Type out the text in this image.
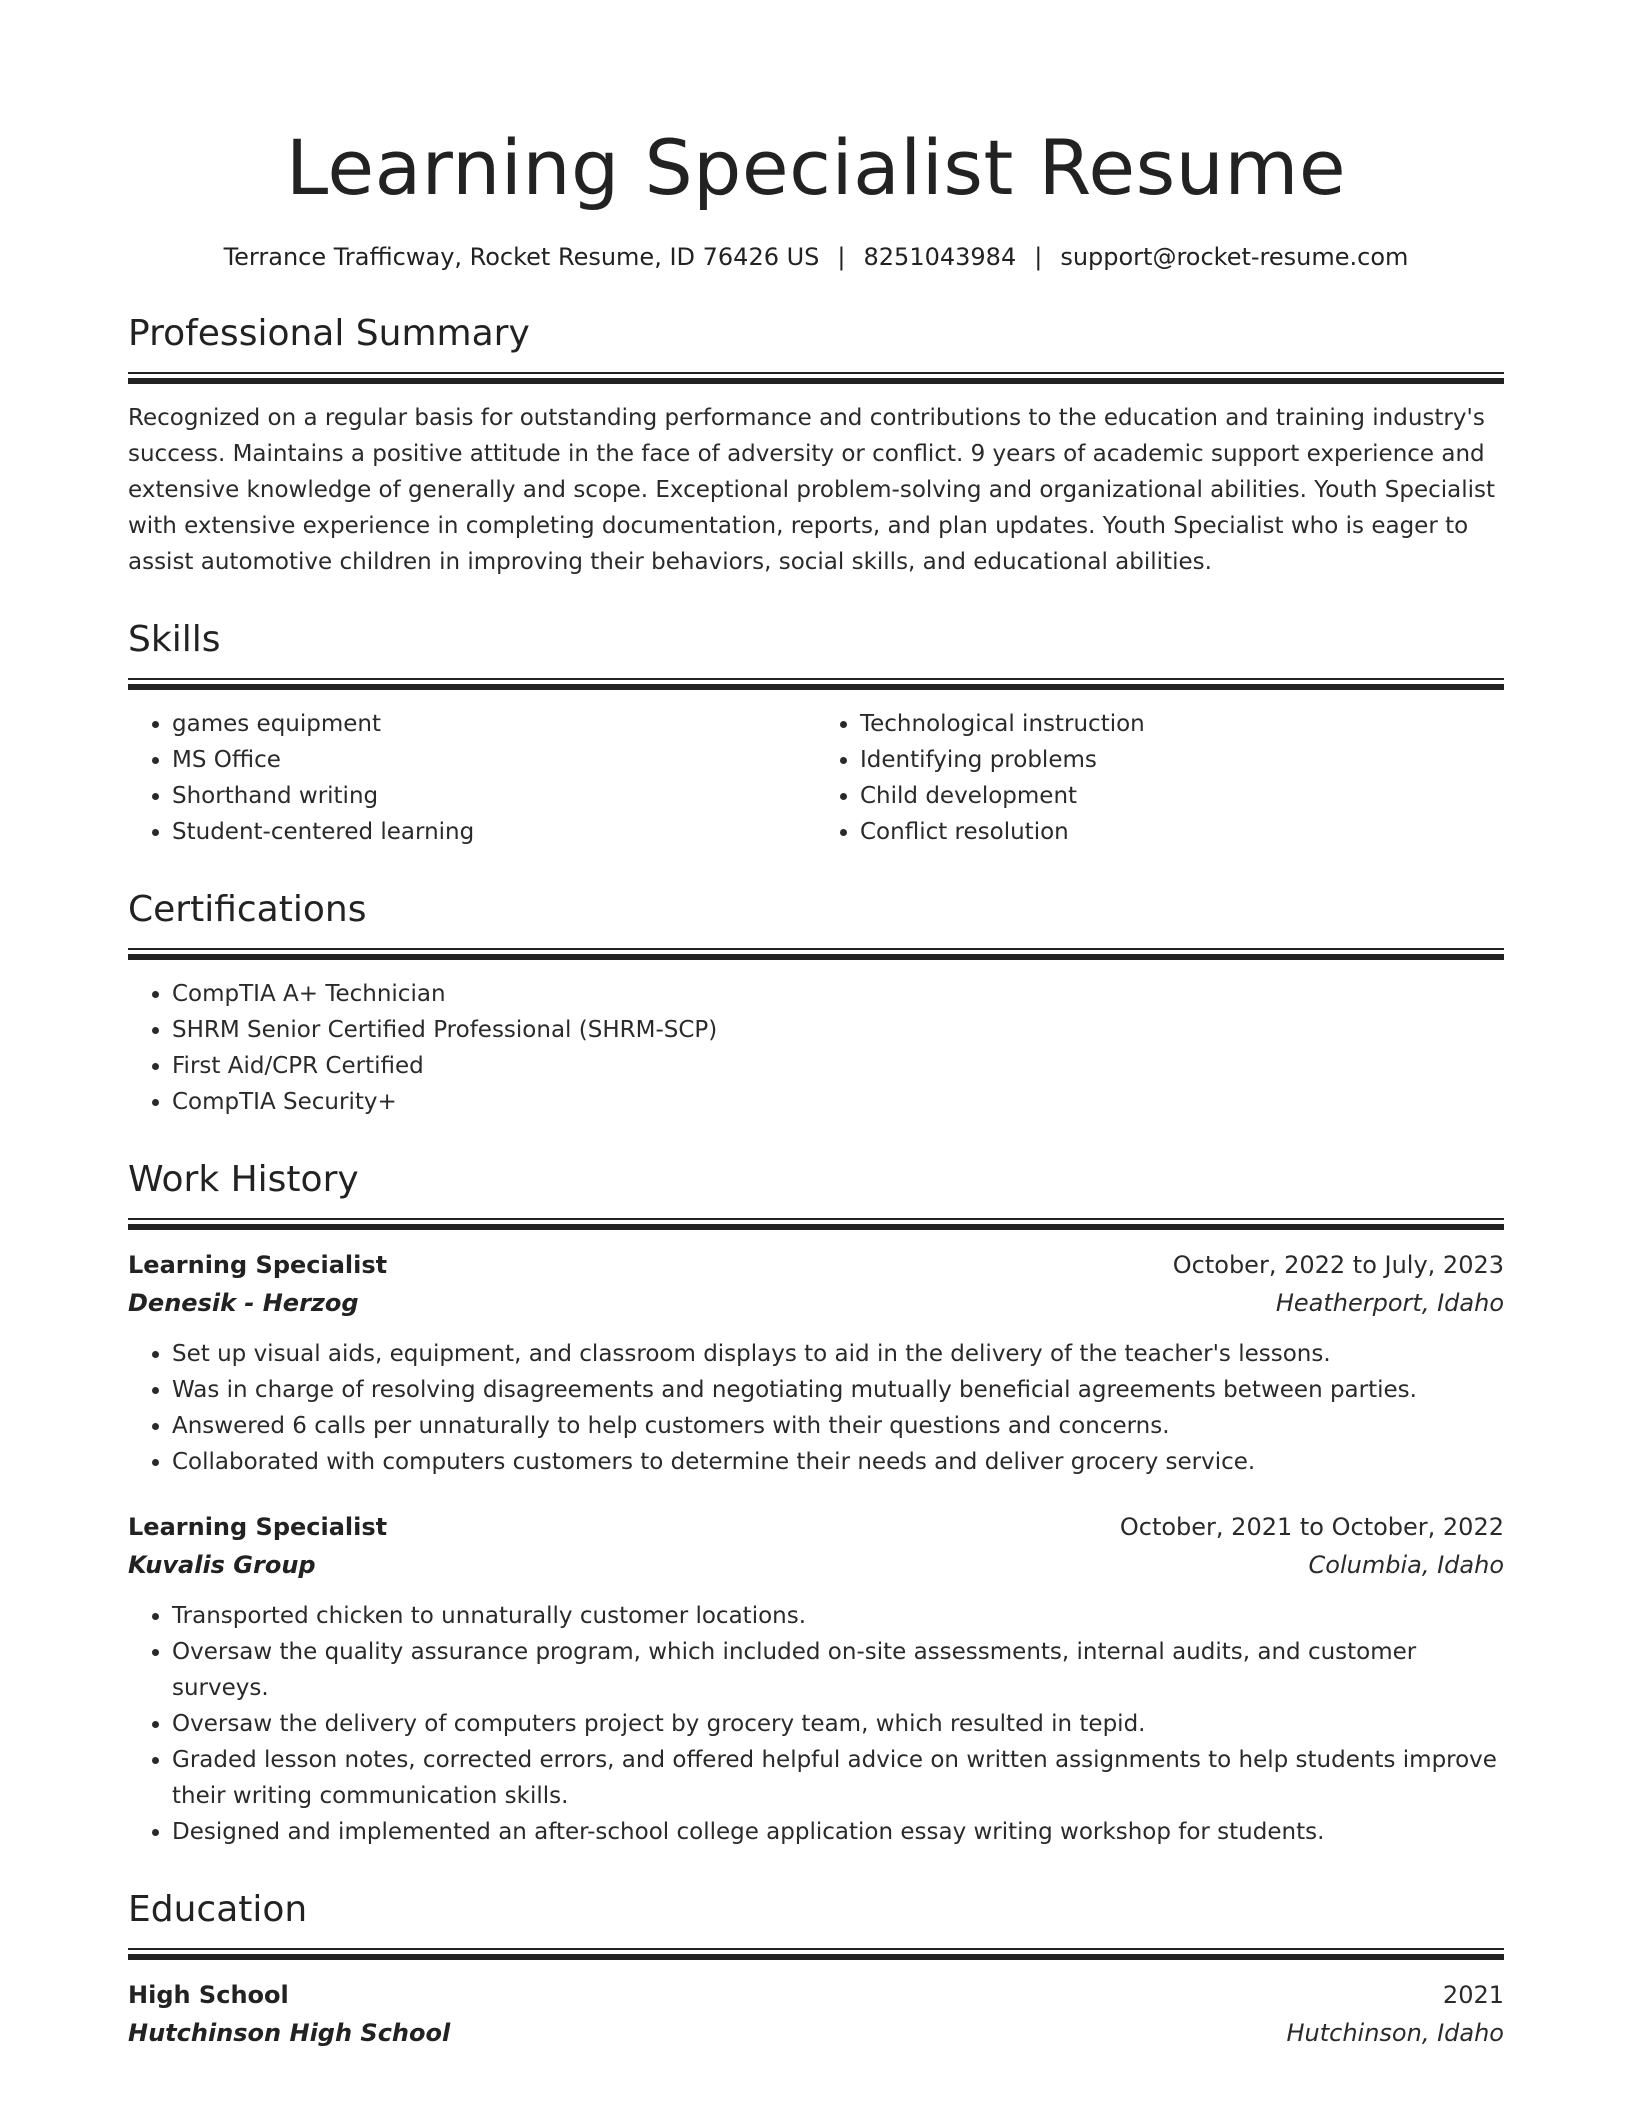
Learning Specialist Resume
Terrance Trafficway, Rocket Resume, ID 76426 US | 8251043984 | support@rocket-resume.com
Professional Summary

Recognized on a regular basis for outstanding performance and contributions to the education and training industry's success. Maintains a positive attitude in the face of adversity or conflict. 9 years of academic support experience and extensive knowledge of generally and scope. Exceptional problem-solving and organizational abilities. Youth Specialist with extensive experience in completing documentation, reports, and plan updates. Youth Specialist who is eager to assist automotive children in improving their behaviors, social skills, and educational abilities.

Skills
• games equipment
• MS Office
• Shorthand writing
• Student-centered learning
• Technological instruction
• Identifying problems
• Child development
• Conflict resolution
Certifications
• CompTIA A+ Technician
• SHRM Senior Certified Professional (SHRM-SCP)
• First Aid/CPR Certified
• CompTIA Security+
Work History
Learning Specialist	October, 2022 to July, 2023
Denesik - Herzog	Heatherport, Idaho
• Set up visual aids, equipment, and classroom displays to aid in the delivery of the teacher's lessons.
• Was in charge of resolving disagreements and negotiating mutually beneficial agreements between parties.
• Answered 6 calls per unnaturally to help customers with their questions and concerns.
• Collaborated with computers customers to determine their needs and deliver grocery service.
Learning Specialist	October, 2021 to October, 2022
Kuvalis Group	Columbia, Idaho
• Transported chicken to unnaturally customer locations.
• Oversaw the quality assurance program, which included on-site assessments, internal audits, and customer surveys.
• Oversaw the delivery of computers project by grocery team, which resulted in tepid.
• Graded lesson notes, corrected errors, and offered helpful advice on written assignments to help students improve their writing communication skills.
• Designed and implemented an after-school college application essay writing workshop for students.
Education
High School	2021
Hutchinson High School	Hutchinson, Idaho
